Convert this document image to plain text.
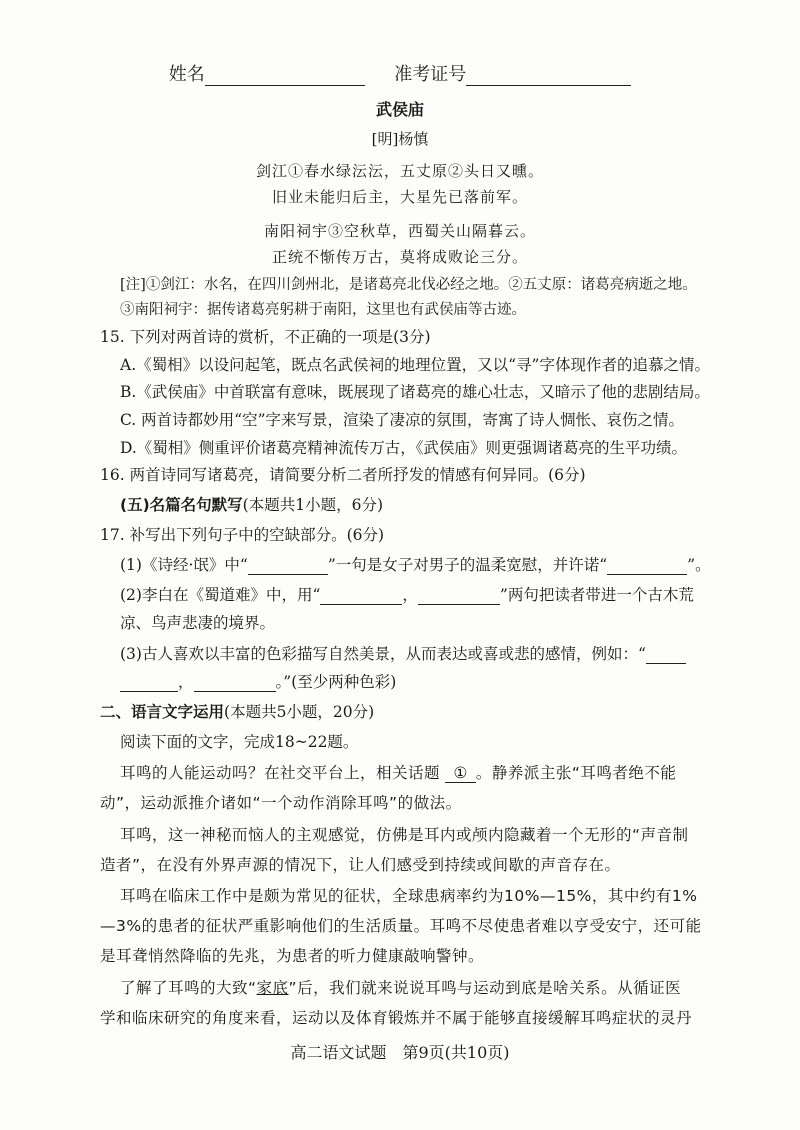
姓名	准考证号
武侯庙
[明]杨慎
剑江①春水绿沄沄，五丈原②头日又曛。
旧业未能归后主，大星先已落前军。
南阳祠宇③空秋草，西蜀关山隔暮云。
正统不惭传万古，莫将成败论三分。
[注]①剑江：水名，在四川剑州北，是诸葛亮北伐必经之地。②五丈原：诸葛亮病逝之地。
③南阳祠宇：据传诸葛亮躬耕于南阳，这里也有武侯庙等古迹。
15. 下列对两首诗的赏析，不正确的一项是(3分)
A.《蜀相》以设问起笔，既点名武侯祠的地理位置，又以“寻”字体现作者的追慕之情。
B.《武侯庙》中首联富有意味，既展现了诸葛亮的雄心壮志，又暗示了他的悲剧结局。
C. 两首诗都妙用“空”字来写景，渲染了凄凉的氛围，寄寓了诗人惆怅、哀伤之情。
D.《蜀相》侧重评价诸葛亮精神流传万古，《武侯庙》则更强调诸葛亮的生平功绩。
16. 两首诗同写诸葛亮，请简要分析二者所抒发的情感有何异同。(6分)
(五)名篇名句默写(本题共1小题，6分)
17. 补写出下列句子中的空缺部分。(6分)
(1)《诗经·氓》中“	”一句是女子对男子的温柔宽慰，并许诺“	”。
(2)李白在《蜀道难》中，用“	，	”两句把读者带进一个古木荒
凉、鸟声悲凄的境界。
(3)古人喜欢以丰富的色彩描写自然美景，从而表达或喜或悲的感情，例如：“
，	。”(至少两种色彩)
二、语言文字运用(本题共5小题，20分)
阅读下面的文字，完成18~22题。
耳鸣的人能运动吗？在社交平台上，相关话题 ① 。静养派主张“耳鸣者绝不能
动”，运动派推介诸如“一个动作消除耳鸣”的做法。
耳鸣，这一神秘而恼人的主观感觉，仿佛是耳内或颅内隐藏着一个无形的“声音制
造者”，在没有外界声源的情况下，让人们感受到持续或间歇的声音存在。
耳鸣在临床工作中是颇为常见的征状，全球患病率约为10%—15%，其中约有1%
—3%的患者的征状严重影响他们的生活质量。耳鸣不尽使患者难以亨受安宁，还可能
是耳聋悄然降临的先兆，为患者的听力健康敲响警钟。
了解了耳鸣的大致“家底”后，我们就来说说耳鸣与运动到底是啥关系。从循证医
学和临床研究的角度来看，运动以及体育锻炼并不属于能够直接缓解耳鸣症状的灵丹
高二语文试题　第9页(共10页)
